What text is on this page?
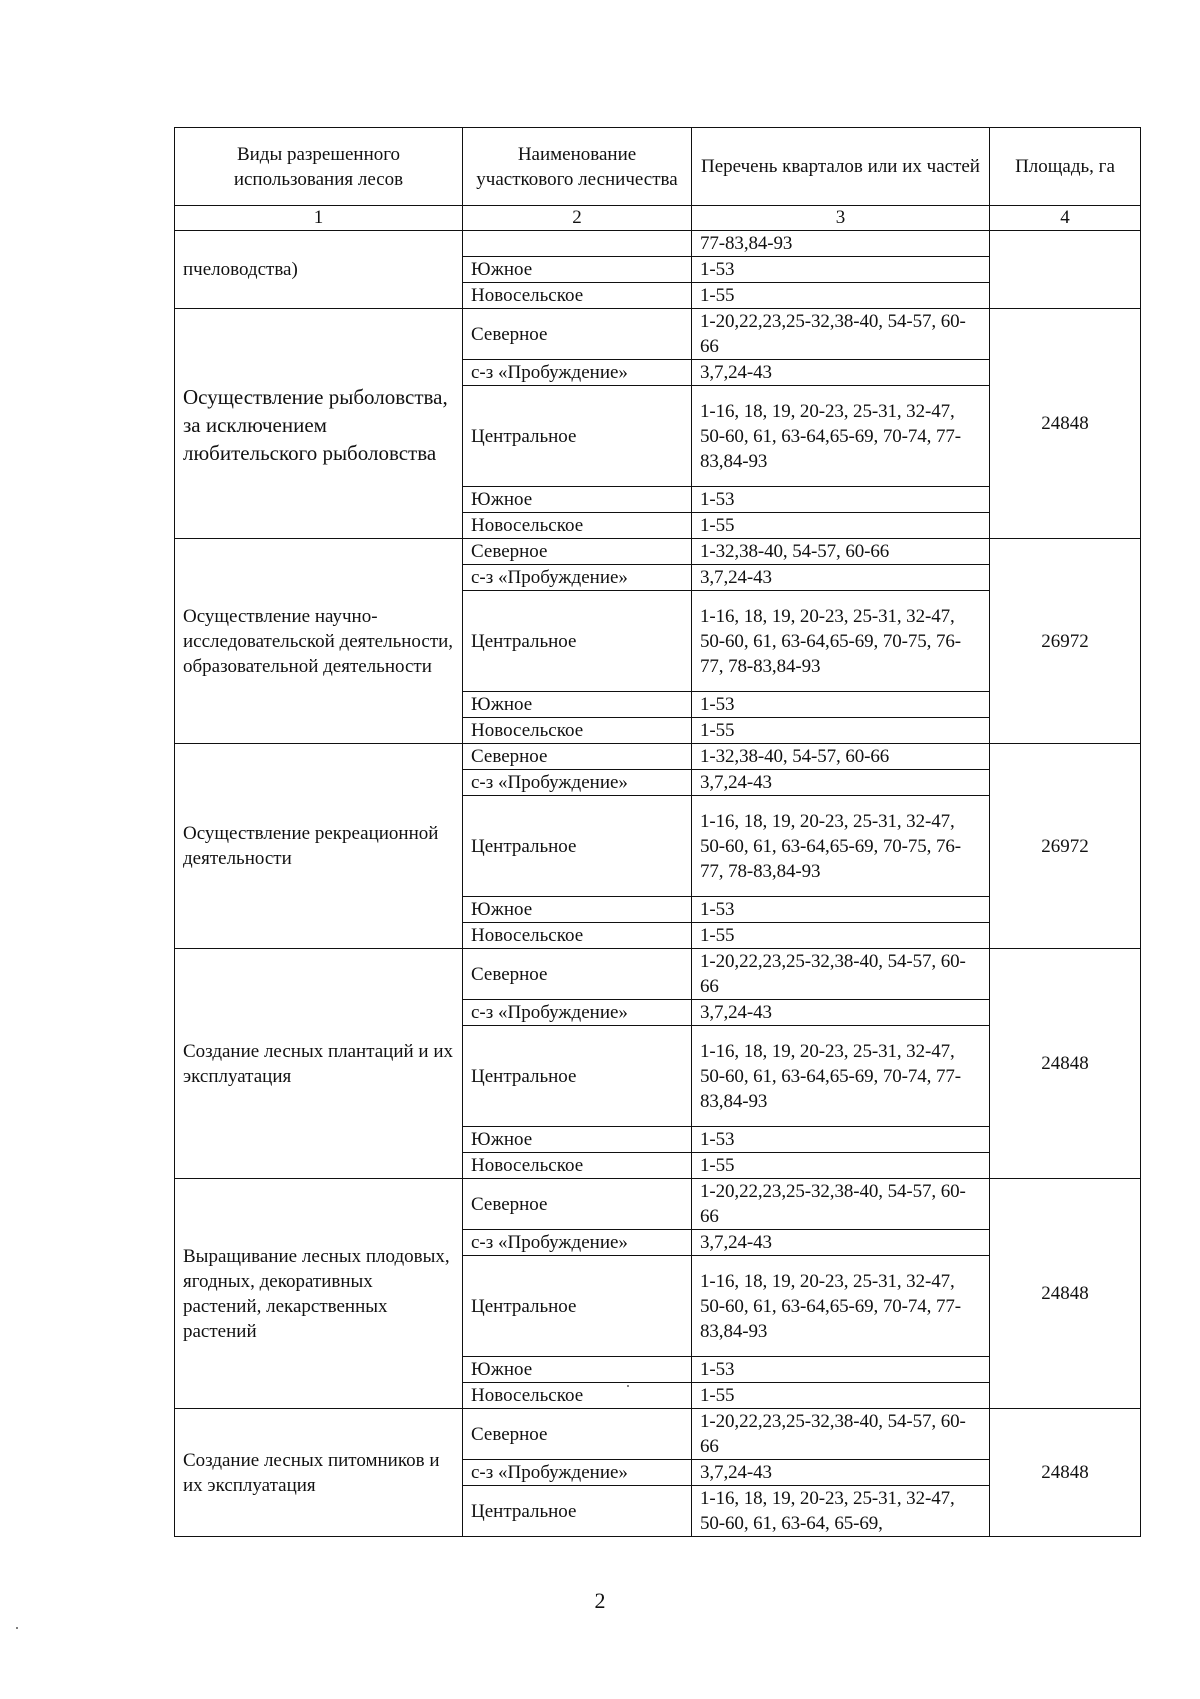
Виды разрешенного использования лесов	Наименование участкового лесничества	Перечень кварталов или их частей	Площадь, га
1	2	3	4
пчеловодства)		77-83,84-93	
	Южное	1-53	
	Новосельское	1-55	
Осуществление рыболовства, за исключением любительского рыболовства	Северное	1-20,22,23,25-32,38-40, 54-57, 60-66	24848
	с-з «Пробуждение»	3,7,24-43	
	Центральное	1-16, 18, 19, 20-23, 25-31, 32-47, 50-60, 61, 63-64,65-69, 70-74, 77-83,84-93	
	Южное	1-53	
	Новосельское	1-55	
Осуществление научно-исследовательской деятельности, образовательной деятельности	Северное	1-32,38-40, 54-57, 60-66	26972
	с-з «Пробуждение»	3,7,24-43	
	Центральное	1-16, 18, 19, 20-23, 25-31, 32-47, 50-60, 61, 63-64,65-69, 70-75, 76-77, 78-83,84-93	
	Южное	1-53	
	Новосельское	1-55	
Осуществление рекреационной деятельности	Северное	1-32,38-40, 54-57, 60-66	26972
	с-з «Пробуждение»	3,7,24-43	
	Центральное	1-16, 18, 19, 20-23, 25-31, 32-47, 50-60, 61, 63-64,65-69, 70-75, 76-77, 78-83,84-93	
	Южное	1-53	
	Новосельское	1-55	
Создание лесных плантаций и их эксплуатация	Северное	1-20,22,23,25-32,38-40, 54-57, 60-66	24848
	с-з «Пробуждение»	3,7,24-43	
	Центральное	1-16, 18, 19, 20-23, 25-31, 32-47, 50-60, 61, 63-64,65-69, 70-74, 77-83,84-93	
	Южное	1-53	
	Новосельское	1-55	
Выращивание лесных плодовых, ягодных, декоративных растений, лекарственных растений	Северное	1-20,22,23,25-32,38-40, 54-57, 60-66	24848
	с-з «Пробуждение»	3,7,24-43	
	Центральное	1-16, 18, 19, 20-23, 25-31, 32-47, 50-60, 61, 63-64,65-69, 70-74, 77-83,84-93	
	Южное	1-53	
	Новосельское	1-55	
Создание лесных питомников и их эксплуатация	Северное	1-20,22,23,25-32,38-40, 54-57, 60-66	24848
	с-з «Пробуждение»	3,7,24-43	
	Центральное	1-16, 18, 19, 20-23, 25-31, 32-47, 50-60, 61, 63-64, 65-69,	
2
